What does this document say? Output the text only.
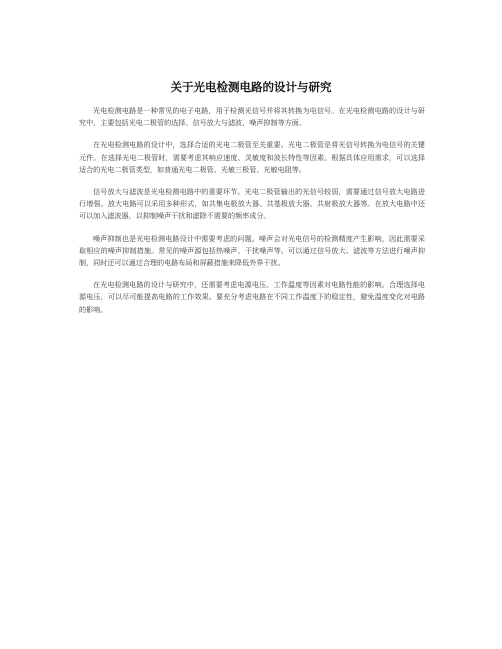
关于光电检测电路的设计与研究

光电检测电路是一种常见的电子电路，用于检测光信号并将其转换为电信号。在光电检测电路的设计与研究中，主要包括光电二极管的选择、信号放大与滤波、噪声抑制等方面。

在光电检测电路的设计中，选择合适的光电二极管至关重要。光电二极管是将光信号转换为电信号的关键元件。在选择光电二极管时，需要考虑其响应速度、灵敏度和波长特性等因素。根据具体应用需求，可以选择适合的光电二极管类型，如普通光电二极管、光敏三极管、光敏电阻等。

信号放大与滤波是光电检测电路中的重要环节。光电二极管输出的光信号较弱，需要通过信号放大电路进行增强。放大电路可以采用多种形式，如共集电极放大器、共基极放大器、共射极放大器等。在放大电路中还可以加入滤波器，以抑制噪声干扰和滤除不需要的频率成分。

噪声抑制也是光电检测电路设计中需要考虑的问题。噪声会对光电信号的检测精度产生影响，因此需要采取相应的噪声抑制措施。常见的噪声源包括热噪声、干扰噪声等。可以通过信号放大、滤波等方法进行噪声抑制，同时还可以通过合理的电路布局和屏蔽措施来降低外界干扰。

在光电检测电路的设计与研究中，还需要考虑电源电压、工作温度等因素对电路性能的影响。合理选择电源电压，可以尽可能提高电路的工作效果。要充分考虑电路在不同工作温度下的稳定性，避免温度变化对电路的影响。
